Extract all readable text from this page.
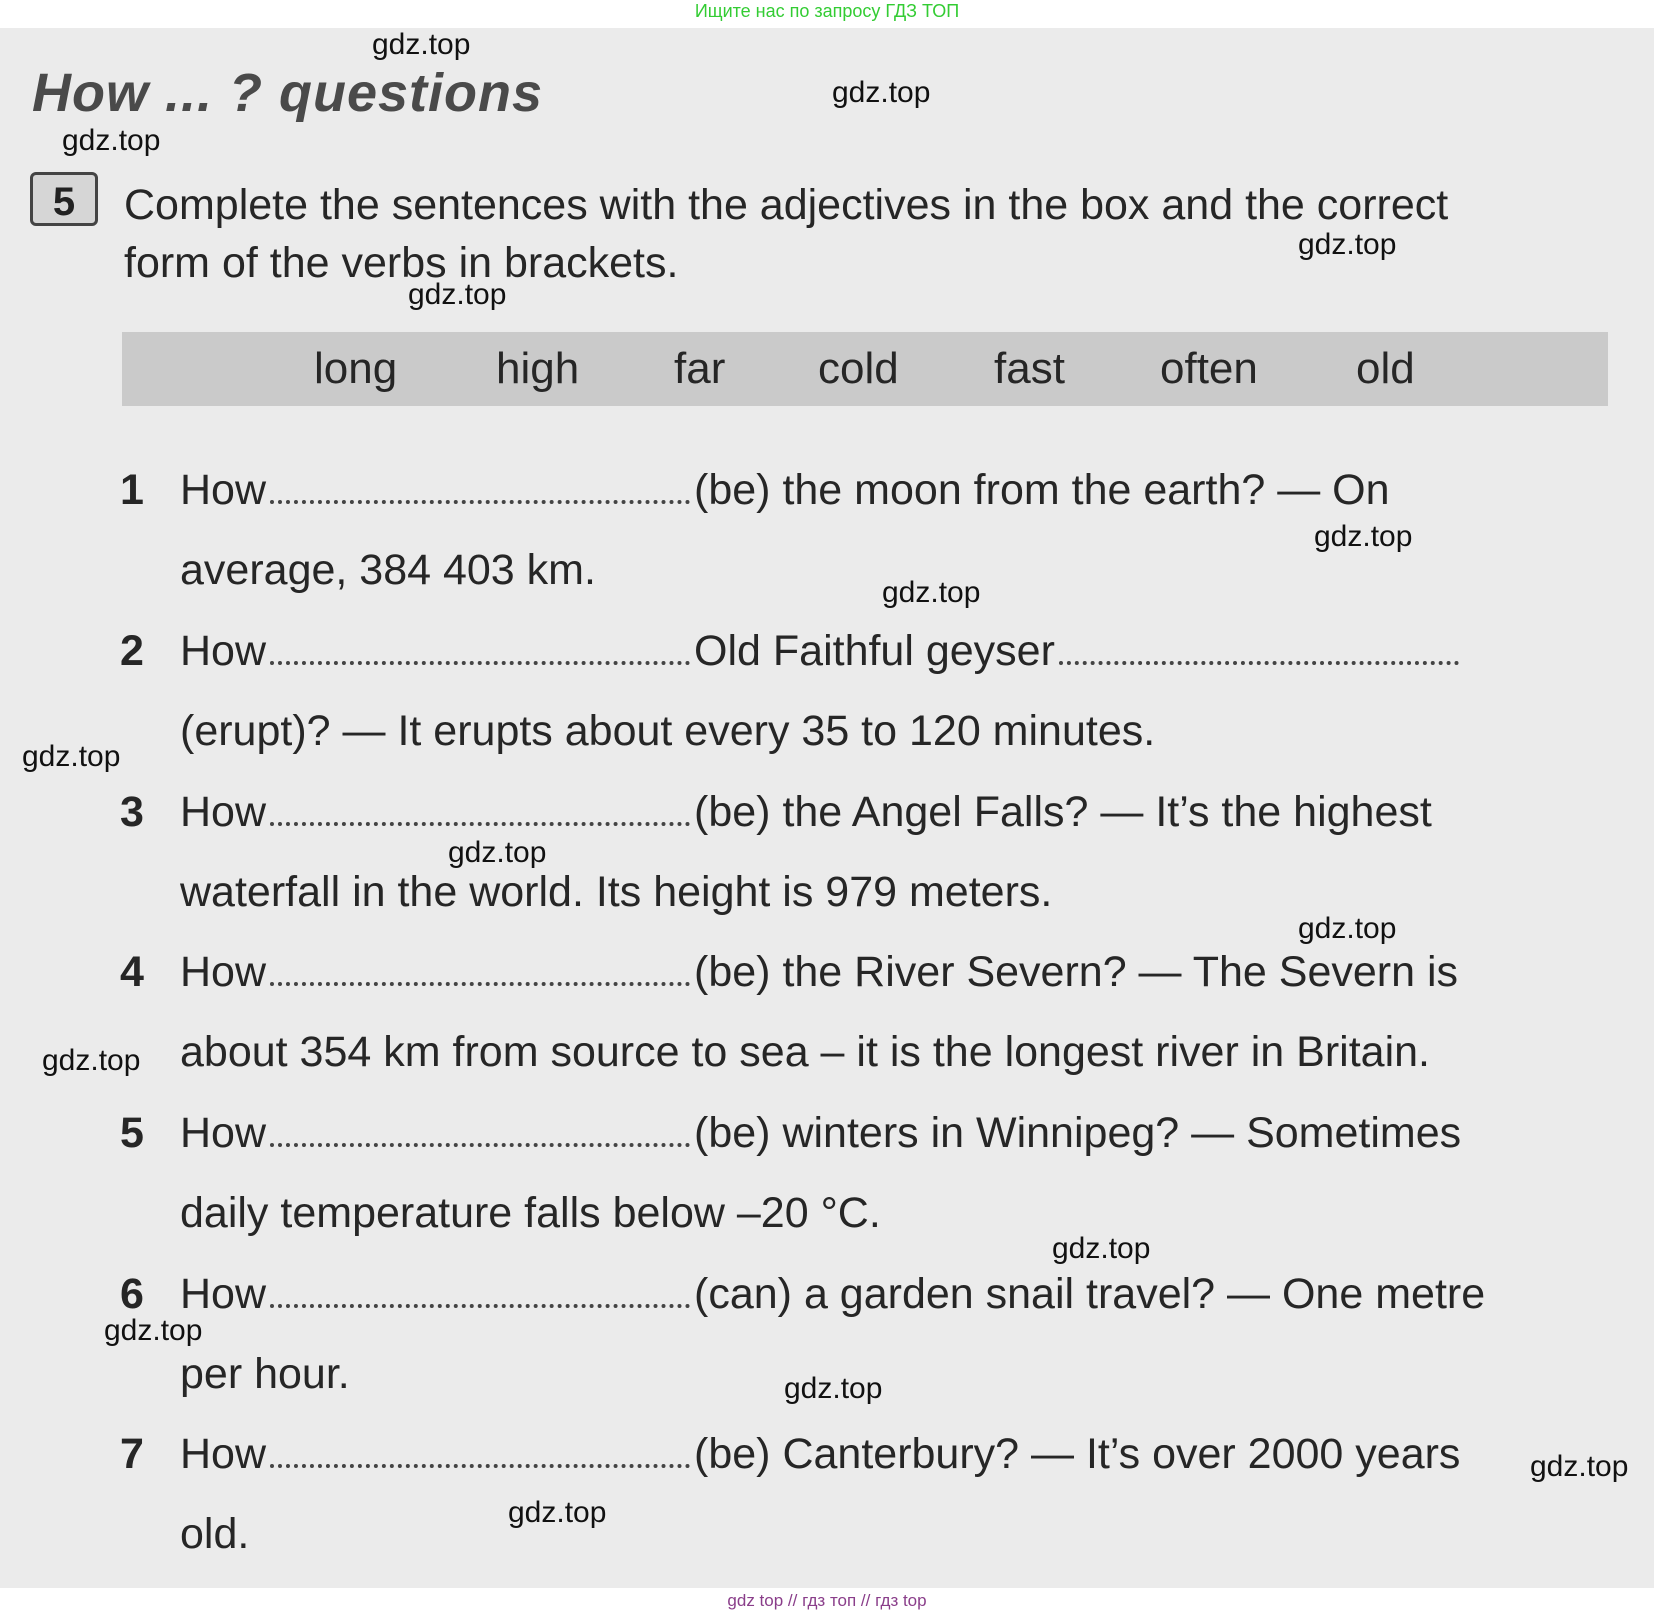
Ищите нас по запросу ГДЗ ТОП
How ... ? questions
5	Complete the sentences with the adjectives in the box and the correct
form of the verbs in brackets.
long high far cold fast often old
1 How	(be) the moon from the earth? — On
average, 384 403 km.
2 How	Old Faithful geyser
(erupt)? — It erupts about every 35 to 120 minutes.
3 How	(be) the Angel Falls? — It’s the highest
waterfall in the world. Its height is 979 meters.
4 How	(be) the River Severn? — The Severn is
about 354 km from source to sea – it is the longest river in Britain.
5 How	(be) winters in Winnipeg? — Sometimes
daily temperature falls below –20 °C.
6 How	(can) a garden snail travel? — One metre
per hour.
7 How	(be) Canterbury? — It’s over 2000 years
old.
gdz.top
gdz.top
gdz.top
gdz.top
gdz.top
gdz.top
gdz.top
gdz.top
gdz.top
gdz.top
gdz.top
gdz.top
gdz.top
gdz.top
gdz.top
gdz.top
gdz top // гдз топ // гдз top
